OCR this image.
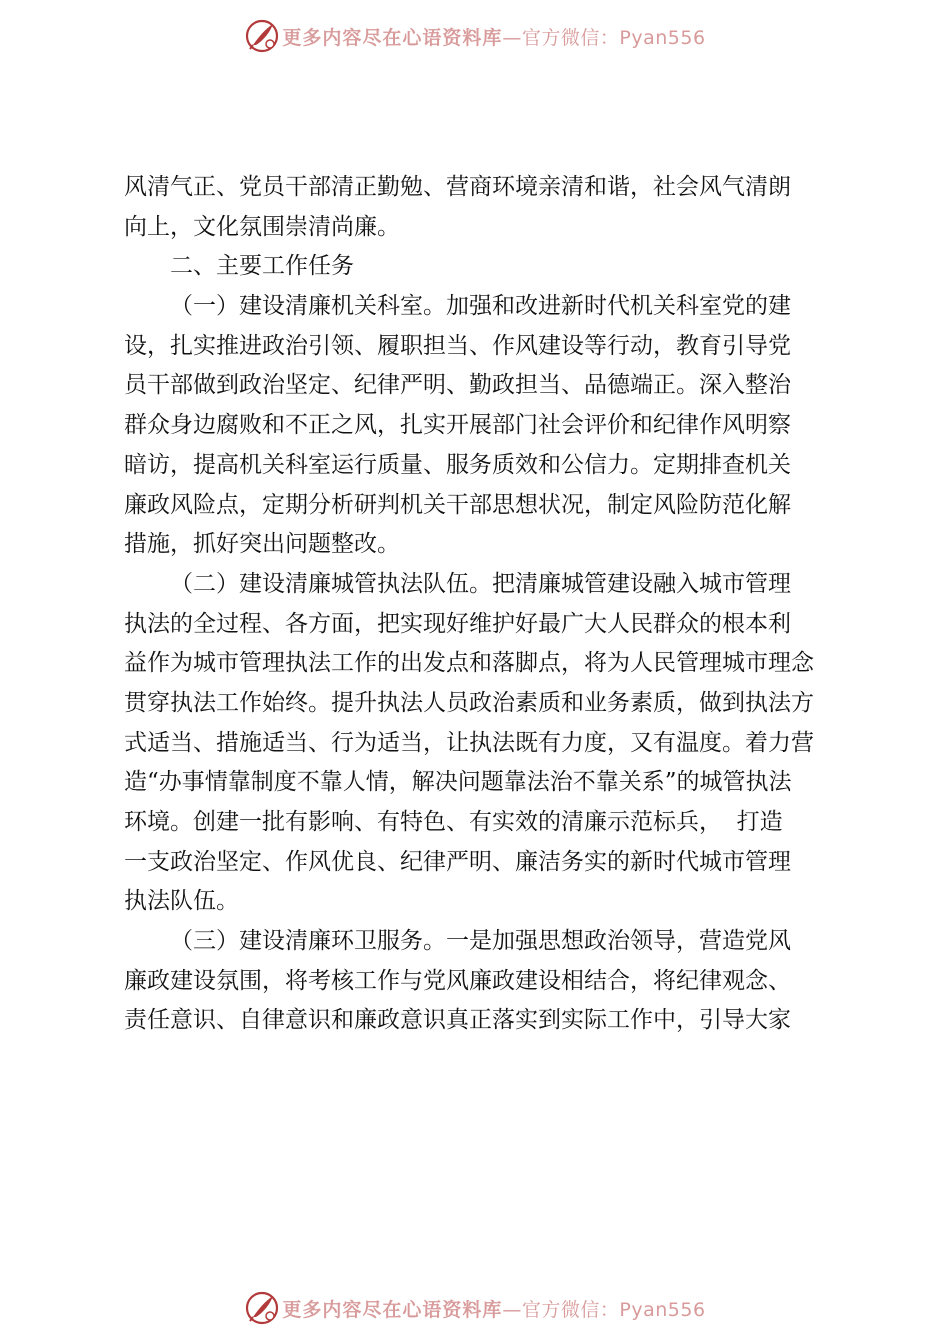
更多内容尽在心语资料库 —官方微信：Pyan556
风清气正、党员干部清正勤勉、营商环境亲清和谐，社会风气清朗
向上，文化氛围崇清尚廉。
二、主要工作任务
（一）建设清廉机关科室。加强和改进新时代机关科室党的建
设，扎实推进政治引领、履职担当、作风建设等行动，教育引导党
员干部做到政治坚定、纪律严明、勤政担当、品德端正。深入整治
群众身边腐败和不正之风，扎实开展部门社会评价和纪律作风明察
暗访，提高机关科室运行质量、服务质效和公信力。定期排查机关
廉政风险点，定期分析研判机关干部思想状况，制定风险防范化解
措施，抓好突出问题整改。
（二）建设清廉城管执法队伍。把清廉城管建设融入城市管理
执法的全过程、各方面，把实现好维护好最广大人民群众的根本利
益作为城市管理执法工作的出发点和落脚点，将为人民管理城市理念
贯穿执法工作始终。提升执法人员政治素质和业务素质，做到执法方
式适当、措施适当、行为适当，让执法既有力度，又有温度。着力营
造“办事情靠制度不靠人情，解决问题靠法治不靠关系”的城管执法
环境。创建一批有影响、有特色、有实效的清廉示范标兵，  打造
一支政治坚定、作风优良、纪律严明、廉洁务实的新时代城市管理
执法队伍。
（三）建设清廉环卫服务。一是加强思想政治领导，营造党风
廉政建设氛围，将考核工作与党风廉政建设相结合，将纪律观念、
责任意识、自律意识和廉政意识真正落实到实际工作中，引导大家
更多内容尽在心语资料库 —官方微信：Pyan556
